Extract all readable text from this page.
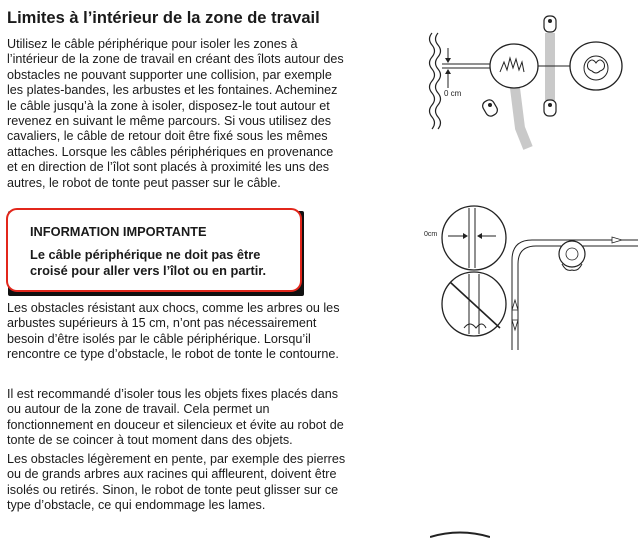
Limites à l’intérieur de la zone de travail

Utilisez le câble périphérique pour isoler les zones à l’intérieur de la zone de travail en créant des îlots autour des obstacles ne pouvant supporter une collision, par exemple les plates-bandes, les arbustes et les fontaines. Acheminez le câble jusqu’à la zone à isoler, disposez-le tout autour et revenez en suivant le même parcours. Si vous utilisez des cavaliers, le câble de retour doit être fixé sous les mêmes attaches. Lorsque les câbles périphériques en provenance et en direction de l’îlot sont placés à proximité les uns des autres, le robot de tonte peut passer sur le câble.

INFORMATION IMPORTANTE
Le câble périphérique ne doit pas être croisé pour aller vers l’îlot ou en partir.

Les obstacles résistant aux chocs, comme les arbres ou les arbustes supérieurs à 15 cm, n’ont pas nécessairement besoin d’être isolés par le câble périphérique. Lorsqu’il rencontre ce type d’obstacle, le robot de tonte le contourne.

Il est recommandé d’isoler tous les objets fixes placés dans ou autour de la zone de travail. Cela permet un fonctionnement en douceur et silencieux et évite au robot de tonte de se coincer à tout moment dans des objets.

Les obstacles légèrement en pente, par exemple des pierres ou de grands arbres aux racines qui affleurent, doivent être isolés ou retirés. Sinon, le robot de tonte peut glisser sur ce type d’obstacle, ce qui endommage les lames.

0 cm
0cm
